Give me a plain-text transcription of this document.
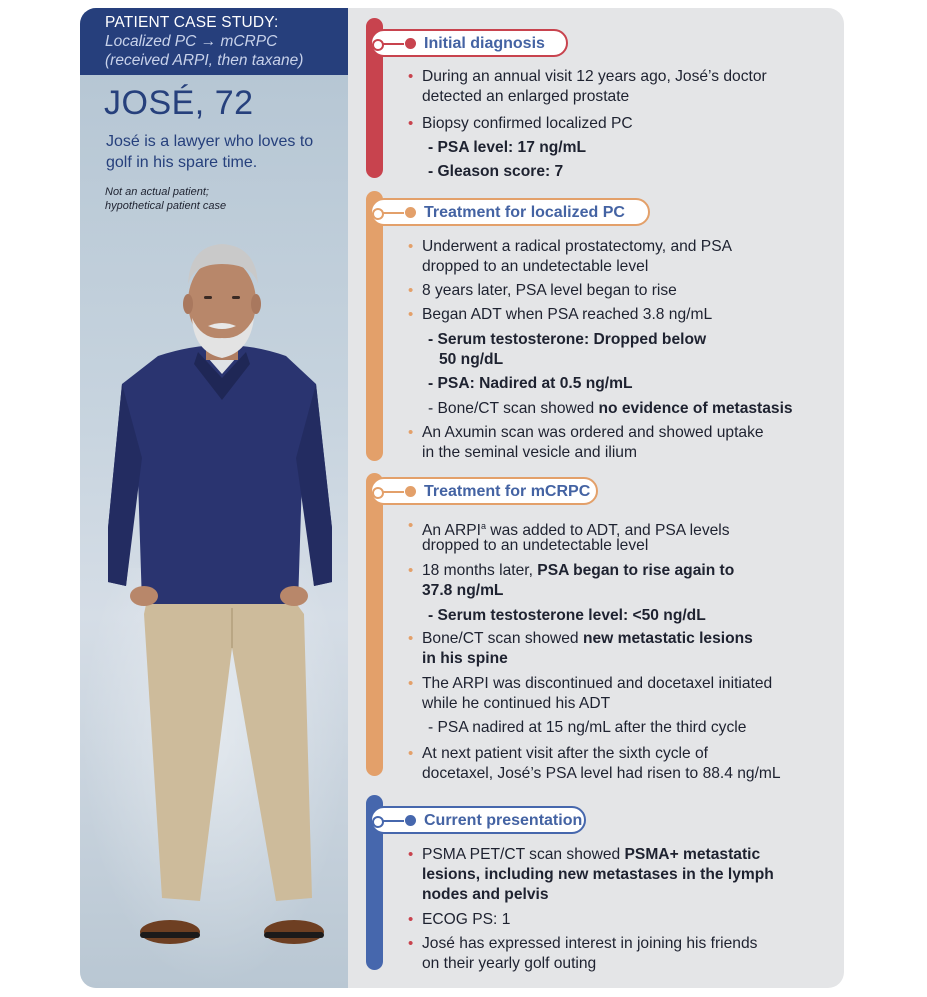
PATIENT CASE STUDY:
Localized PC → mCRPC
(received ARPI, then taxane)
JOSÉ, 72
José is a lawyer who loves to
golf in his spare time.
Not an actual patient;
hypothetical patient case
Initial diagnosis
• During an annual visit 12 years ago, José’s doctor
detected an enlarged prostate
• Biopsy confirmed localized PC
- PSA level: 17 ng/mL
- Gleason score: 7
Treatment for localized PC
• Underwent a radical prostatectomy, and PSA
dropped to an undetectable level
• 8 years later, PSA level began to rise
• Began ADT when PSA reached 3.8 ng/mL
- Serum testosterone: Dropped below
50 ng/dL
- PSA: Nadired at 0.5 ng/mL
- Bone/CT scan showed no evidence of metastasis
• An Axumin scan was ordered and showed uptake
in the seminal vesicle and ilium
Treatment for mCRPC
• An ARPI$^a$ was added to ADT, and PSA levels
dropped to an undetectable level
• 18 months later, PSA began to rise again to
37.8 ng/mL
- Serum testosterone level: <50 ng/dL
• Bone/CT scan showed new metastatic lesions
in his spine
• The ARPI was discontinued and docetaxel initiated
while he continued his ADT
- PSA nadired at 15 ng/mL after the third cycle
• At next patient visit after the sixth cycle of
docetaxel, José’s PSA level had risen to 88.4 ng/mL
Current presentation
• PSMA PET/CT scan showed PSMA+ metastatic
lesions, including new metastases in the lymph
nodes and pelvis
• ECOG PS: 1
• José has expressed interest in joining his friends
on their yearly golf outing
